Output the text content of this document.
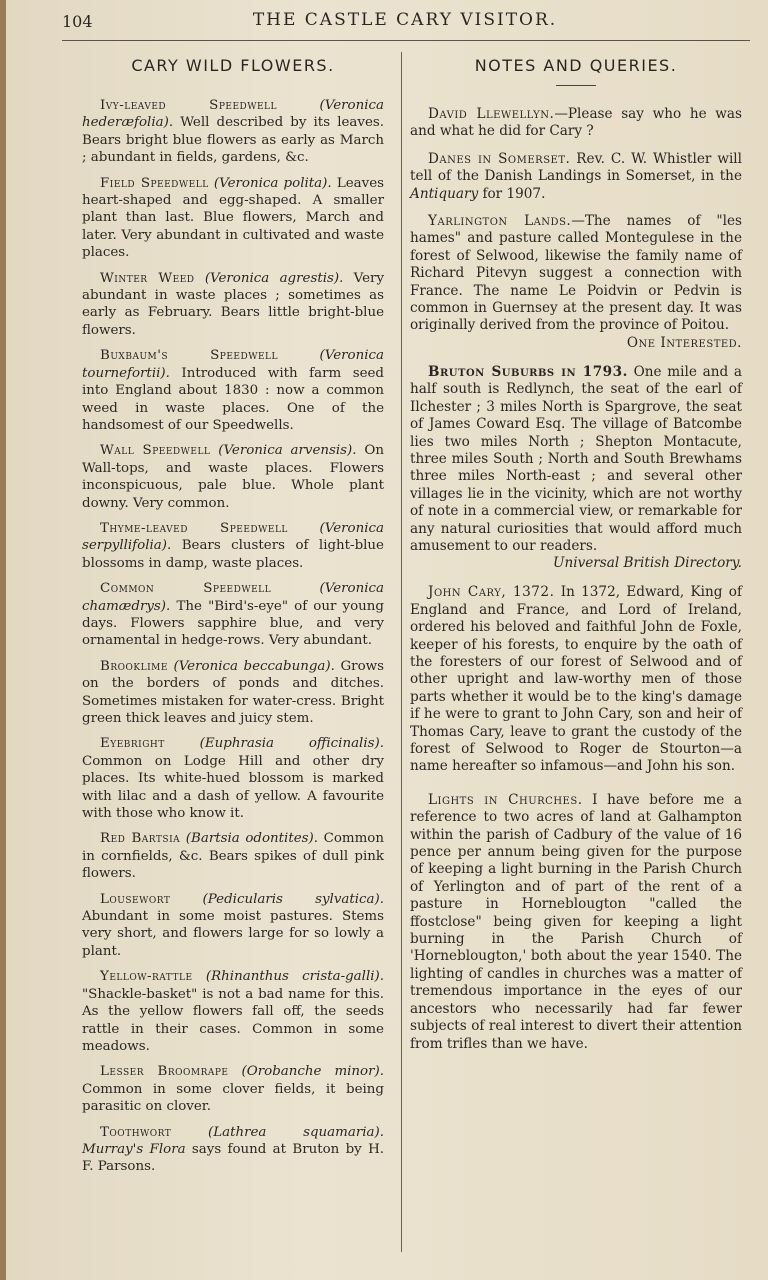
104	THE CASTLE CARY VISITOR.
CARY WILD FLOWERS.

Ivy-leaved Speedwell	(Veronica hederæfolia). Well described by its leaves. Bears bright blue flowers as early as March ; abundant in fields, gardens, &c.

Field Speedwell (Veronica polita). Leaves heart-shaped and egg-shaped. A smaller plant than last. Blue flowers, March and later. Very abundant in cultivated and waste places.

Winter Weed (Veronica agrestis). Very abundant in waste places ; sometimes as early as February. Bears little bright-blue flowers.

Buxbaum's Speedwell	(Veronica tournefortii). Introduced with farm seed into England about 1830 : now a common weed in waste places. One of the handsomest of our Speedwells.

Wall Speedwell (Veronica arvensis). On Wall-tops, and waste places. Flowers inconspicuous, pale blue. Whole plant downy. Very common.

Thyme-leaved Speedwell (Veronica serpyllifolia). Bears clusters of light-blue blossoms in damp, waste places.

Common Speedwell	(Veronica chamædrys). The "Bird's-eye" of our young days. Flowers sapphire blue, and very ornamental in hedge-rows. Very abundant.

Brooklime (Veronica beccabunga). Grows on the borders of ponds and ditches. Sometimes mistaken for water-cress. Bright green thick leaves and juicy stem.

Eyebright	(Euphrasia officinalis). Common on Lodge Hill and other dry places. Its white-hued blossom is marked with lilac and a dash of yellow. A favourite with those who know it.

Red Bartsia (Bartsia odontites). Common in cornfields, &c. Bears spikes of dull pink flowers.

Lousewort (Pedicularis sylvatica). Abundant in some moist pastures. Stems very short, and flowers large for so lowly a plant.

Yellow-rattle (Rhinanthus crista-galli). "Shackle-basket" is not a bad name for this. As the yellow flowers fall off, the seeds rattle in their cases. Common in some meadows.

Lesser Broomrape (Orobanche minor). Common in some clover fields, it being parasitic on clover.

Toothwort	(Lathrea squamaria). Murray's Flora says found at Bruton by H. F. Parsons.

NOTES AND QUERIES.

David Llewellyn.—Please say who he was and what he did for Cary ?

Danes in Somerset. Rev. C. W. Whistler will tell of the Danish Landings in Somerset, in the Antiquary for 1907.

Yarlington Lands.—The names of "les hames" and pasture called Montegulese in the forest of Selwood, likewise the family name of Richard Pitevyn suggest a connection with France. The name Le Poidvin or Pedvin is common in Guernsey at the present day. It was originally derived from the province of Poitou.

One Interested.

Bruton Suburbs in 1793. One mile and a half south is Redlynch, the seat of the earl of Ilchester ; 3 miles North is Spargrove, the seat of James Coward Esq. The village of Batcombe lies two miles North ; Shepton Montacute, three miles South ; North and South Brewhams three miles North-east ; and several other villages lie in the vicinity, which are not worthy of note in a commercial view, or remarkable for any natural curiosities that would afford much amusement to our readers.

Universal British Directory.

John Cary, 1372. In 1372, Edward, King of England and France, and Lord of Ireland, ordered his beloved and faithful John de Foxle, keeper of his forests, to enquire by the oath of the foresters of our forest of Selwood and of other upright and law-worthy men of those parts whether it would be to the king's damage if he were to grant to John Cary, son and heir of Thomas Cary, leave to grant the custody of the forest of Selwood to Roger de Stourton—a name hereafter so infamous—and John his son.

Lights in Churches. I have before me a reference to two acres of land at Galhampton within the parish of Cadbury of the value of 16 pence per annum being given for the purpose of keeping a light burning in the Parish Church of Yerlington and of part of the rent of a pasture in Horneblougton "called the ffostclose" being given for keeping a light burning in the Parish Church of 'Horneblougton,' both about the year 1540. The lighting of candles in churches was a matter of tremendous importance in the eyes of our ancestors who necessarily had far fewer subjects of real interest to divert their attention from trifles than we have.
